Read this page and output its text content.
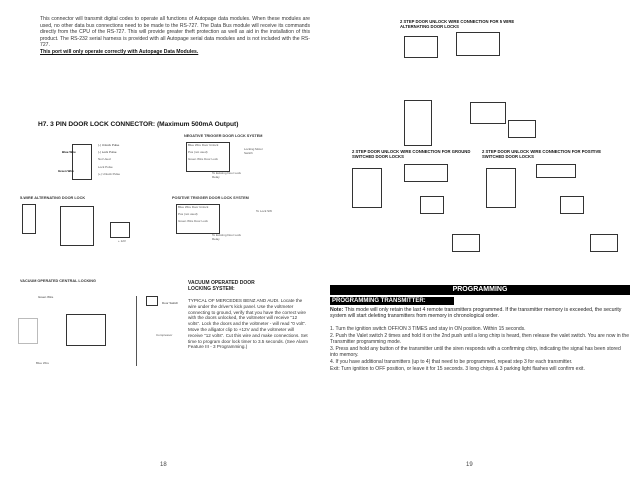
This connector will transmit digital codes to operate all functions of Autopage data modules. When these modules are used, no other data bus connections need to be made to the RS-727. The Data Bus module will receive its commands directly from the CPU of the RS-727. This will provide greater theft protection as well as aid in the installation of this product. The RS-232 serial harness is provided with all Autopage serial data modules and is not included with the RS-727.
This port will only operate correctly with Autopage Data Modules.
H7. 3 PIN DOOR LOCK CONNECTOR: (Maximum 500mA Output)
NEGATIVE TRIGGER DOOR LOCK SYSTEM
(-) Unlock Pulse
Blue Wire	(-) Lock Pulse
Not Used
Lock Pulse
Green Wire
(+) Unlock Pulse
Blue Wire Door Unlock
Pos (not used)
Green Wire Door Lock
Locking Motor Switch
To Existing Door Lock Relay
5-WIRE ALTERNATING DOOR LOCK
+ 12V
POSITIVE TRIGGER DOOR LOCK SYSTEM
Blue Wire Door Unlock
Pos (not used)
Green Wire Door Lock
To Lock SW
To Existing Door Lock Relay
VACUUM OPERATED CENTRAL LOCKING
Green Wire
Blue Wire
Door Switch
Compressor
VACUUM OPERATED DOOR
LOCKING SYSTEM:
TYPICAL OF MERCEDES BENZ AND AUDI. Locate the wire under the driver's kick panel. Use the voltmeter connecting to ground, verify that you have the correct wire with the doors unlocked, the voltmeter will receive "12 volts". Lock the doors and the voltmeter - will read "0 volt". Move the alligator clip to +12V and the voltmeter will receive "12 volts". Cut this wire and make connections. Set time to program door lock timer to 3.5 seconds. (See Alarm Feature III - 3 Programming.)
18
2 STEP DOOR UNLOCK WIRE CONNECTION FOR 5 WIRE ALTERNATING DOOR LOCKS
2 STEP DOOR UNLOCK WIRE CONNECTION FOR GROUND SWITCHED DOOR LOCKS
2 STEP DOOR UNLOCK WIRE CONNECTION FOR POSITIVE SWITCHED DOOR LOCKS
PROGRAMMING
PROGRAMMING TRANSMITTER:
Note: This mode will only retain the last 4 remote transmitters programmed. If the transmitter memory is exceeded, the security system will start deleting transmitters from memory in chronological order.
1. Turn the ignition switch OFF/ON 3 TIMES and stay in ON position. Within 15 seconds.
2. Push the Valet switch 2 times and hold it on the 2nd push until a long chirp is heard, then release the valet switch. You are now in the Transmitter programming mode.
3. Press and hold any button of the transmitter until the siren responds with a confirming chirp, indicating the signal has been stored into memory.
4. If you have additional transmitters (up to 4) that need to be programmed, repeat step 3 for each transmitter.
Exit: Turn ignition to OFF position, or leave it for 15 seconds. 3 long chirps & 3 parking light flashes will confirm exit.
19
